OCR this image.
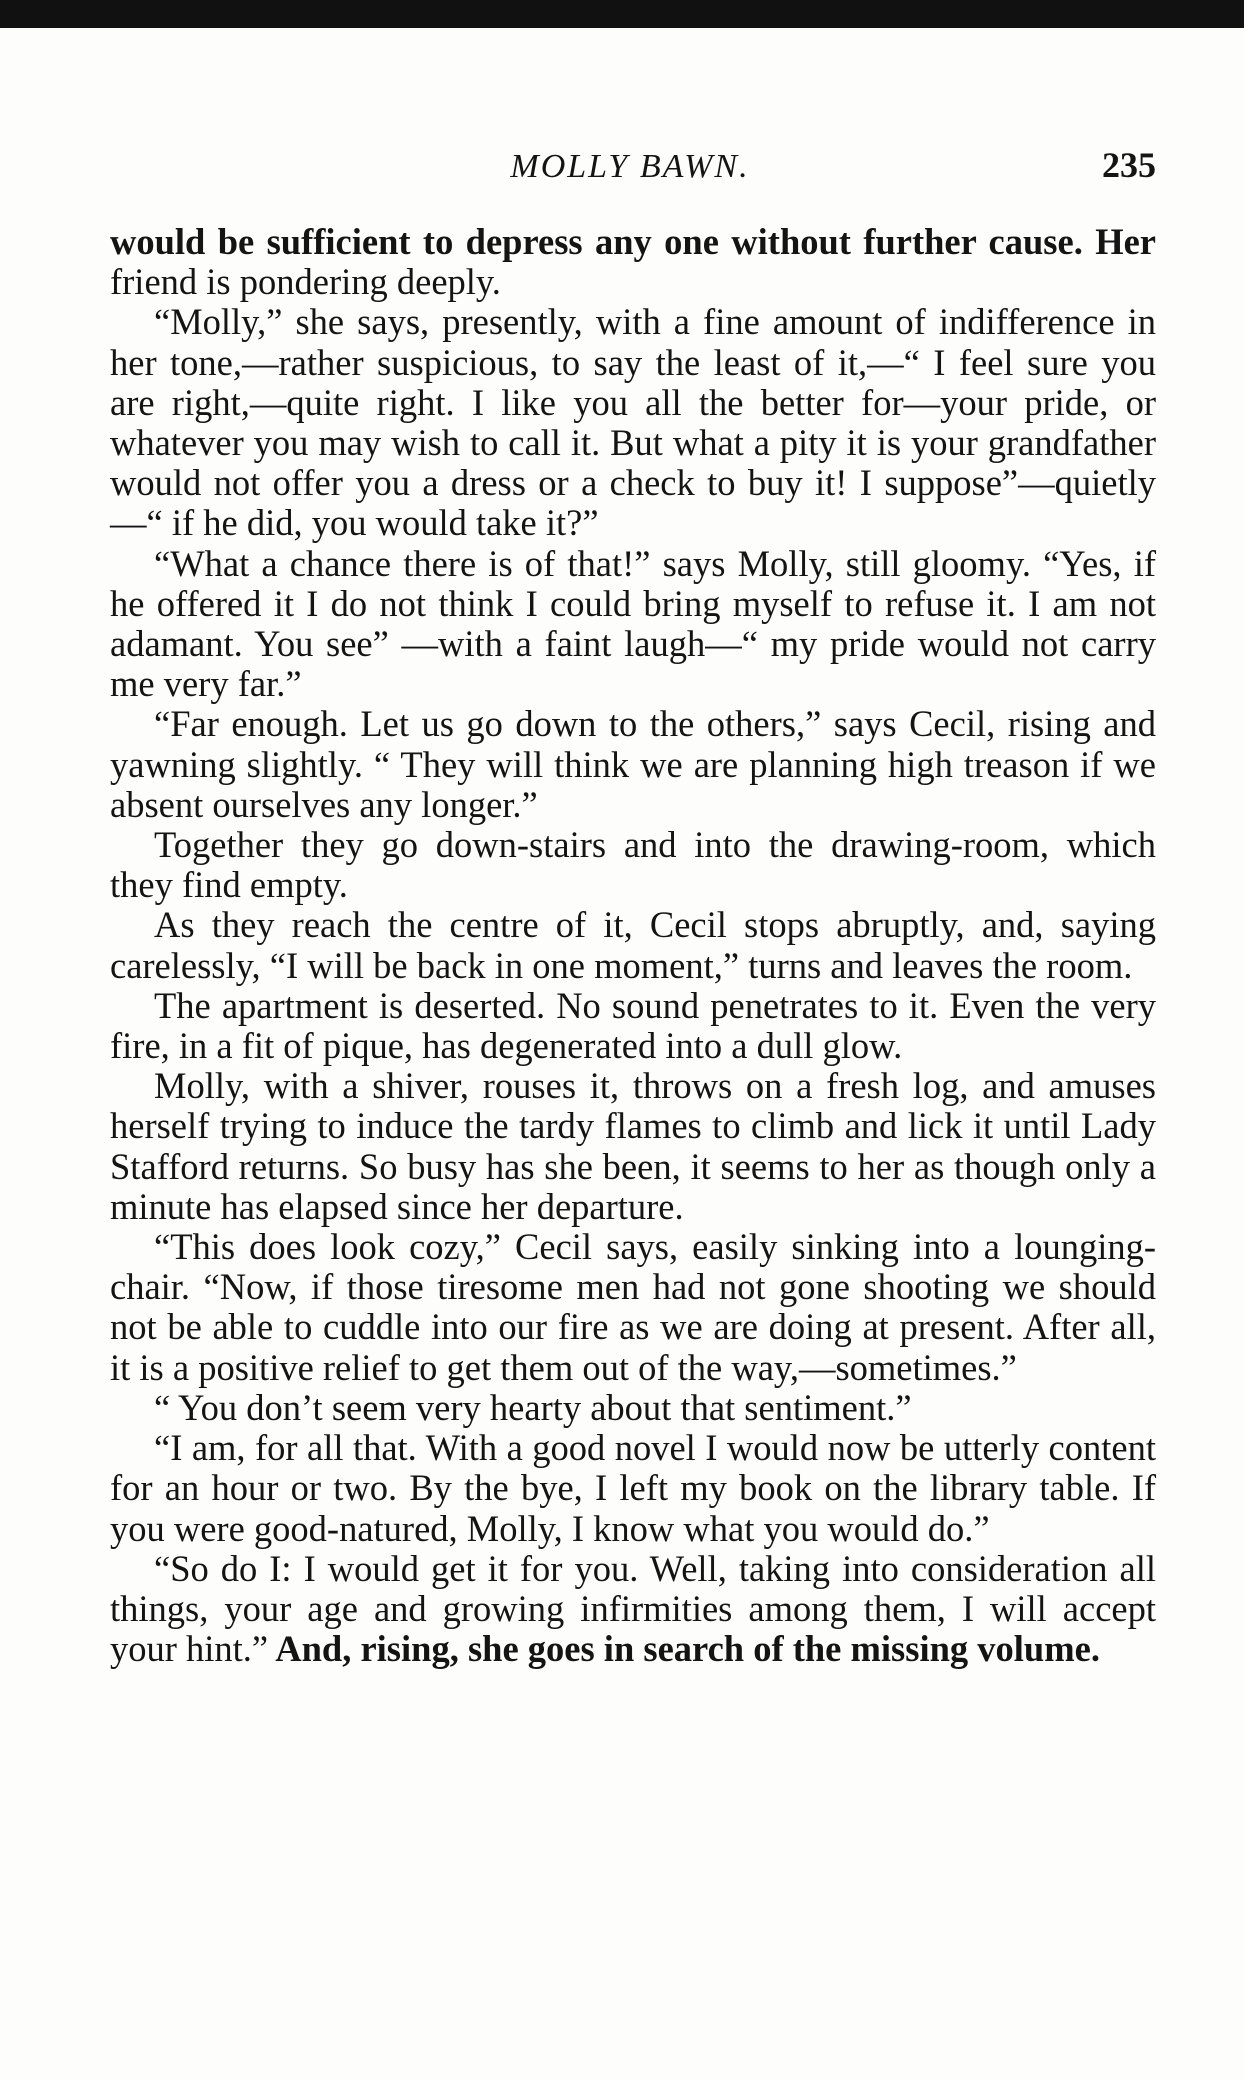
MOLLY BAWN.	235

would be sufficient to depress any one without further cause. Her friend is pondering deeply.

“Molly,” she says, presently, with a fine amount of indifference in her tone,—rather suspicious, to say the least of it,—“ I feel sure you are right,—quite right. I like you all the better for—your pride, or whatever you may wish to call it. But what a pity it is your grandfather would not offer you a dress or a check to buy it! I suppose”—quietly—“ if he did, you would take it?”

“What a chance there is of that!” says Molly, still gloomy. “Yes, if he offered it I do not think I could bring myself to refuse it. I am not adamant. You see” —with a faint laugh—“ my pride would not carry me very far.”

“Far enough. Let us go down to the others,” says Cecil, rising and yawning slightly. “ They will think we are planning high treason if we absent ourselves any longer.”

Together they go down-stairs and into the drawing-room, which they find empty.

As they reach the centre of it, Cecil stops abruptly, and, saying carelessly, “I will be back in one moment,” turns and leaves the room.

The apartment is deserted. No sound penetrates to it. Even the very fire, in a fit of pique, has degenerated into a dull glow.

Molly, with a shiver, rouses it, throws on a fresh log, and amuses herself trying to induce the tardy flames to climb and lick it until Lady Stafford returns. So busy has she been, it seems to her as though only a minute has elapsed since her departure.

“This does look cozy,” Cecil says, easily sinking into a lounging-chair. “Now, if those tiresome men had not gone shooting we should not be able to cuddle into our fire as we are doing at present. After all, it is a positive relief to get them out of the way,—sometimes.”

“ You don’t seem very hearty about that sentiment.”

“I am, for all that. With a good novel I would now be utterly content for an hour or two. By the bye, I left my book on the library table. If you were good-natured, Molly, I know what you would do.”

“So do I: I would get it for you. Well, taking into consideration all things, your age and growing infirmities among them, I will accept your hint.” And, rising, she goes in search of the missing volume.
